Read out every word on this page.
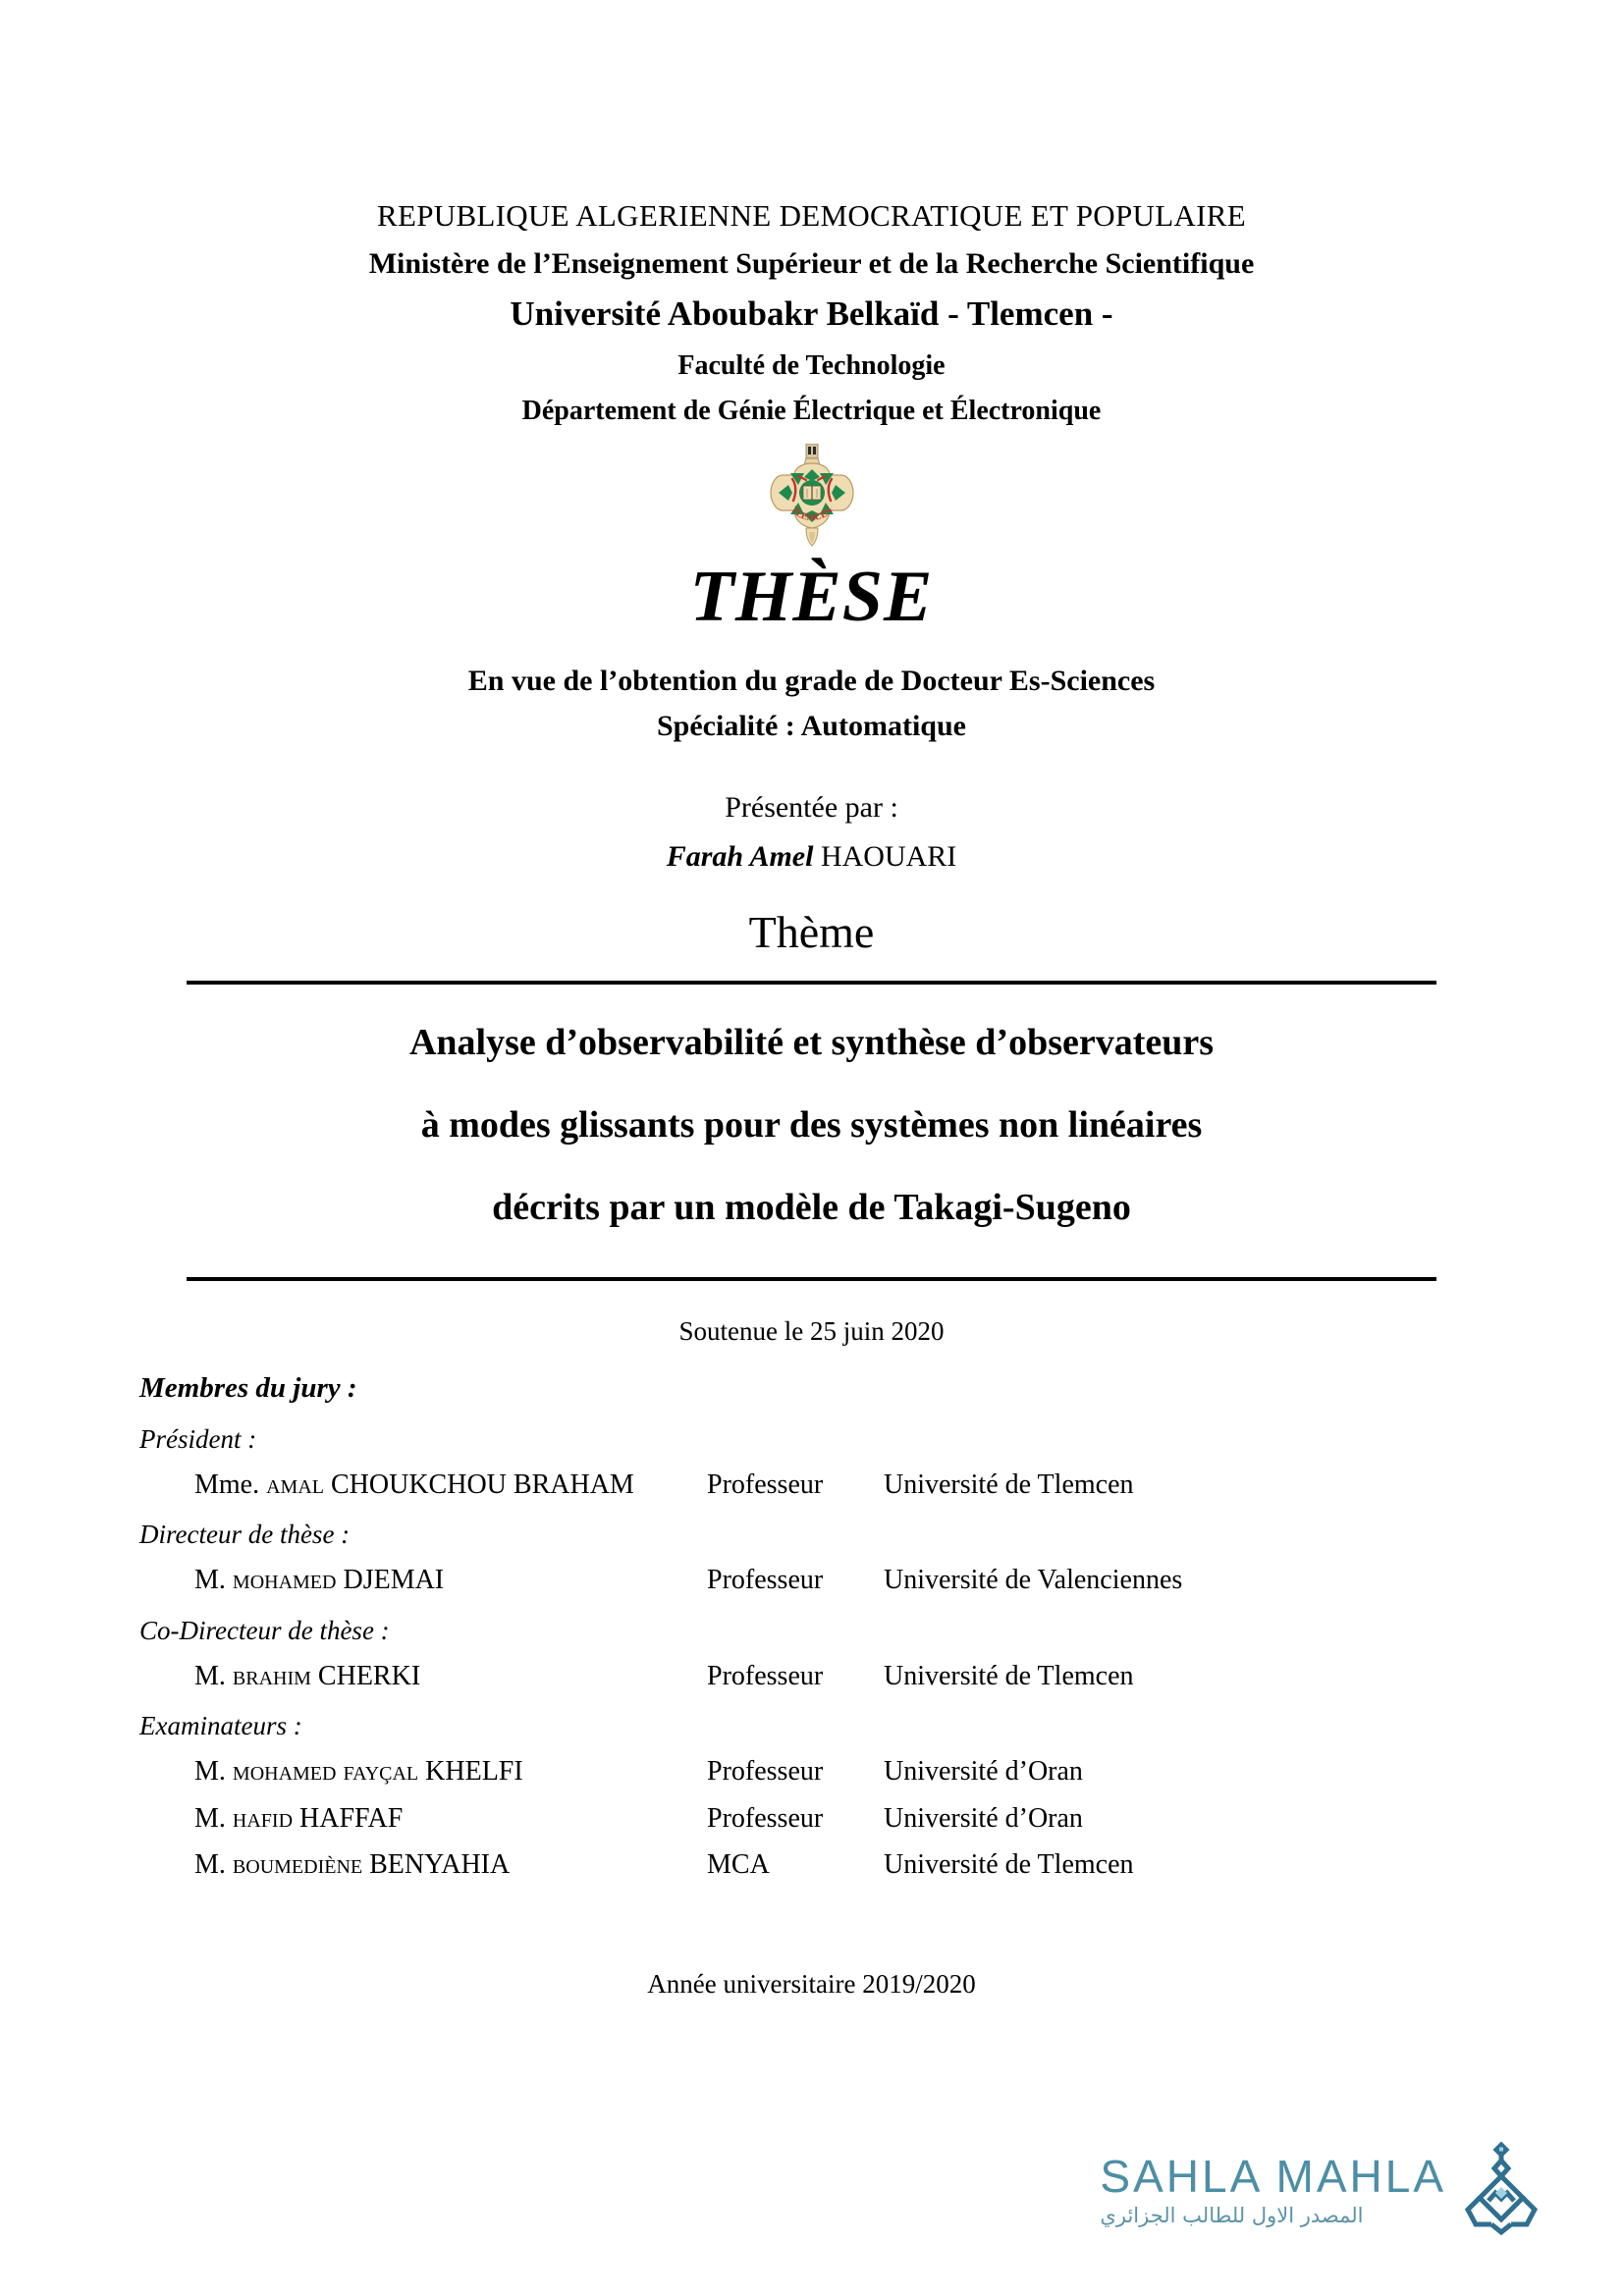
REPUBLIQUE ALGERIENNE DEMOCRATIQUE ET POPULAIRE
Ministère de l’Enseignement Supérieur et de la Recherche Scientifique
Université Aboubakr Belkaïd - Tlemcen -
Faculté de Technologie
Département de Génie Électrique et Électronique
TLEMCEN
THÈSE
En vue de l’obtention du grade de Docteur Es-Sciences
Spécialité : Automatique
Présentée par :
Farah Amel HAOUARI
Thème
Analyse d’observabilité et synthèse d’observateurs
à modes glissants pour des systèmes non linéaires
décrits par un modèle de Takagi-Sugeno
Soutenue le 25 juin 2020
Membres du jury :
Président :
Mme. amal CHOUKCHOU BRAHAM	Professeur	Université de Tlemcen
Directeur de thèse :
M. mohamed DJEMAI	Professeur	Université de Valenciennes
Co-Directeur de thèse :
M. brahim CHERKI	Professeur	Université de Tlemcen
Examinateurs :
M. mohamed fayçal KHELFI	Professeur	Université d’Oran
M. hafid HAFFAF	Professeur	Université d’Oran
M. boumediène BENYAHIA	MCA	Université de Tlemcen
Année universitaire 2019/2020
SAHLA MAHLA
المصدر الاول للطالب الجزائري
